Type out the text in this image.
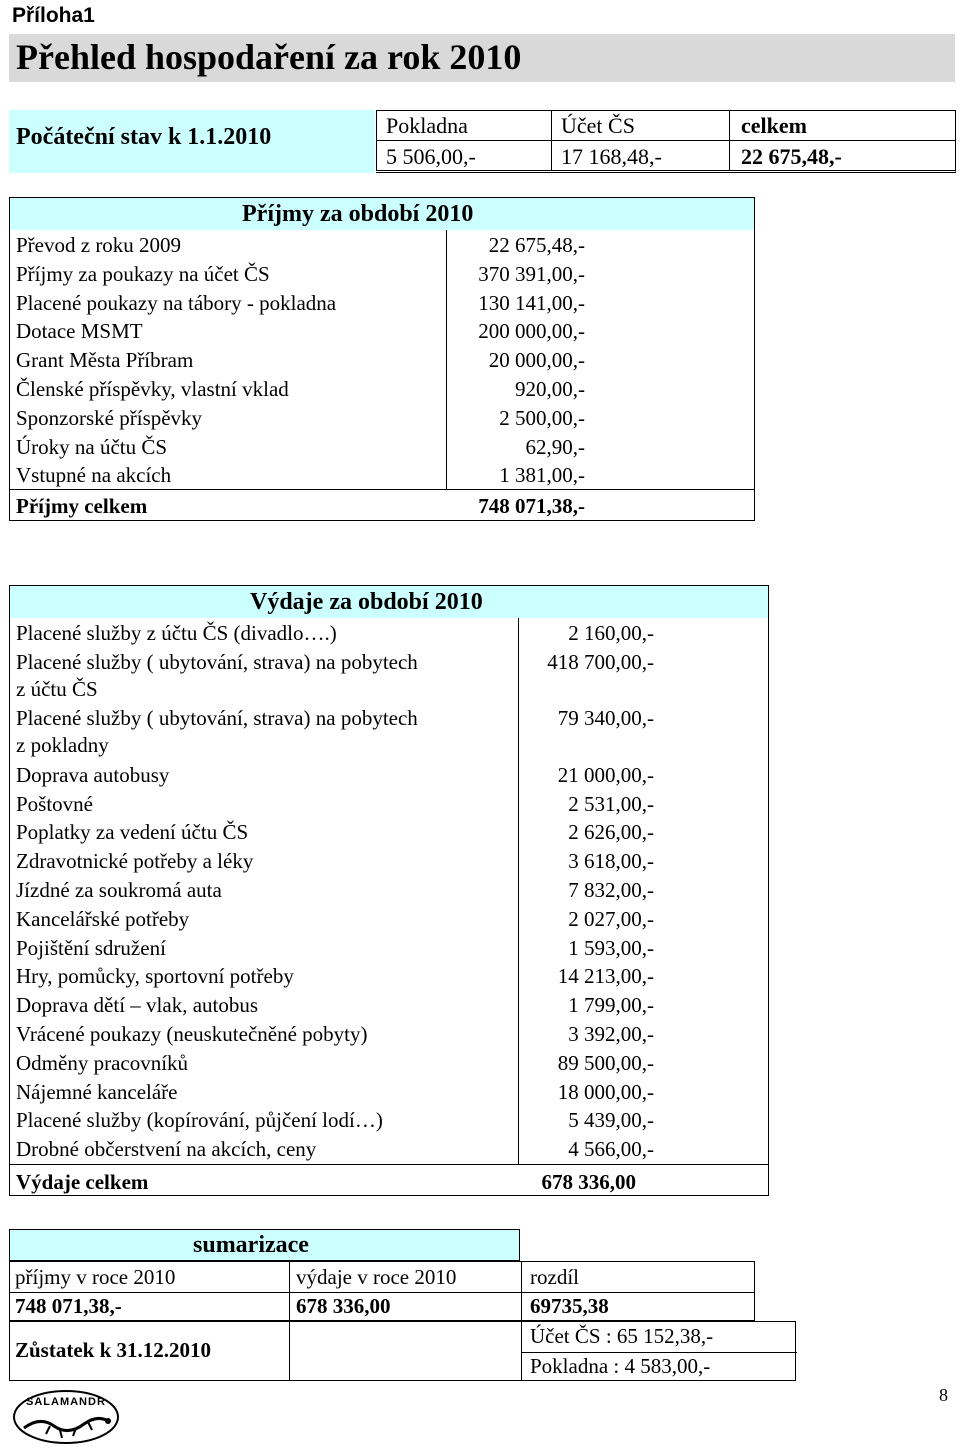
Příloha1
Přehled hospodaření za rok 2010
Počáteční stav k 1.1.2010	Pokladna	Účet ČS	celkem
5 506,00,-	17 168,48,-	22 675,48,-
Příjmy za období 2010
Převod z roku 2009	22 675,48,-
Příjmy za poukazy na účet ČS	370 391,00,-
Placené poukazy na tábory - pokladna	130 141,00,-
Dotace MSMT	200 000,00,-
Grant Města Příbram	20 000,00,-
Členské příspěvky, vlastní vklad	920,00,-
Sponzorské příspěvky	2 500,00,-
Úroky na účtu ČS	62,90,-
Vstupné na akcích	1 381,00,-
Příjmy celkem	748 071,38,-
Výdaje za období 2010
Placené služby z účtu ČS (divadlo….)	2 160,00,-
Placené služby ( ubytování, strava) na pobytech	418 700,00,-
z účtu ČS
Placené služby ( ubytování, strava) na pobytech	79 340,00,-
z pokladny
Doprava autobusy	21 000,00,-
Poštovné	2 531,00,-
Poplatky za vedení účtu ČS	2 626,00,-
Zdravotnické potřeby a léky	3 618,00,-
Jízdné za soukromá auta	7 832,00,-
Kancelářské potřeby	2 027,00,-
Pojištění sdružení	1 593,00,-
Hry, pomůcky, sportovní potřeby	14 213,00,-
Doprava dětí – vlak, autobus	1 799,00,-
Vrácené poukazy (neuskutečněné pobyty)	3 392,00,-
Odměny pracovníků	89 500,00,-
Nájemné kanceláře	18 000,00,-
Placené služby (kopírování, půjčení lodí…)	5 439,00,-
Drobné občerstvení na akcích, ceny	4 566,00,-
Výdaje celkem	678 336,00
sumarizace
příjmy v roce 2010	výdaje v roce 2010	rozdíl
748 071,38,-	678 336,00	69735,38
Zůstatek k 31.12.2010
Účet ČS : 65 152,38,-
Pokladna : 4 583,00,-
SALAMANDR	8
